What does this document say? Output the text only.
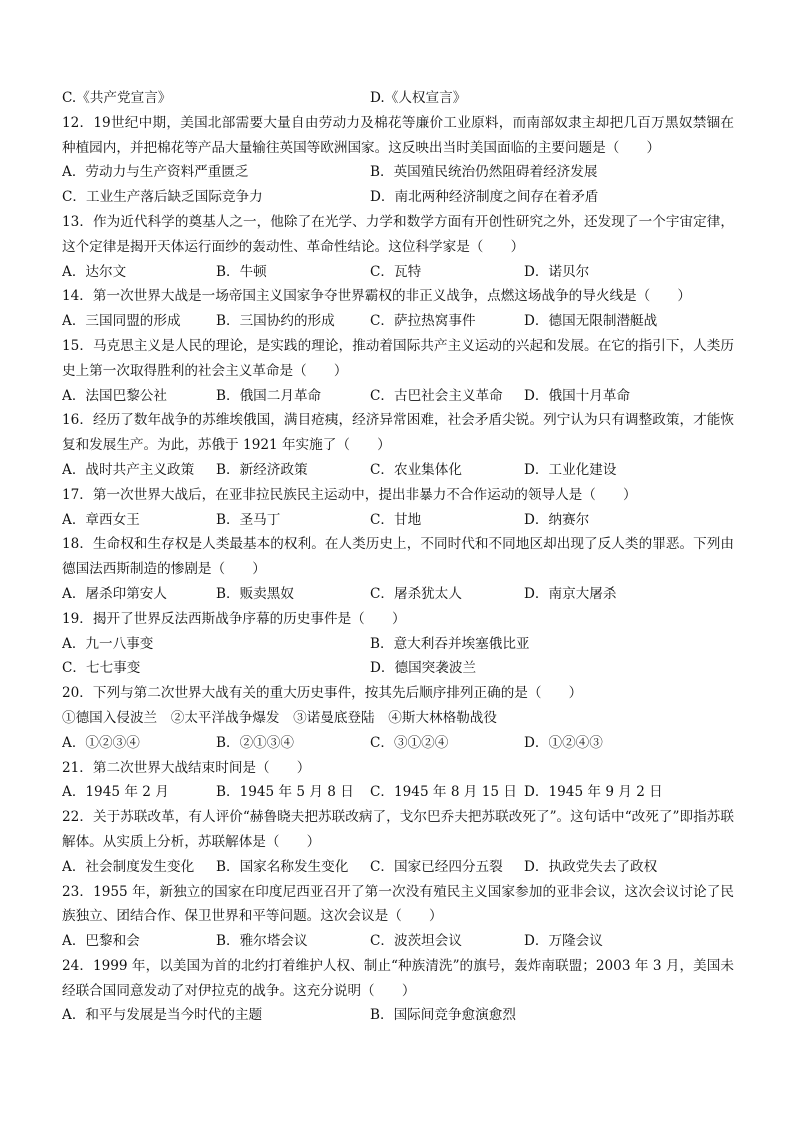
C.《共产党宣言》	D.《人权宣言》
12．19世纪中期，美国北部需要大量自由劳动力及棉花等廉价工业原料，而南部奴隶主却把几百万黑奴禁锢在种植园内，并把棉花等产品大量输往英国等欧洲国家。这反映出当时美国面临的主要问题是（　　）
A．劳动力与生产资料严重匮乏	B．英国殖民统治仍然阻碍着经济发展
C．工业生产落后缺乏国际竞争力	D．南北两种经济制度之间存在着矛盾
13．作为近代科学的奠基人之一，他除了在光学、力学和数学方面有开创性研究之外，还发现了一个宇宙定律，这个定律是揭开天体运行面纱的轰动性、革命性结论。这位科学家是（　　）
A．达尔文	B．牛顿	C．瓦特	D．诺贝尔
14．第一次世界大战是一场帝国主义国家争夺世界霸权的非正义战争，点燃这场战争的导火线是（　　）
A．三国同盟的形成	B．三国协约的形成	C．萨拉热窝事件	D．德国无限制潜艇战
15．马克思主义是人民的理论，是实践的理论，推动着国际共产主义运动的兴起和发展。在它的指引下，人类历史上第一次取得胜利的社会主义革命是（　　）
A．法国巴黎公社	B．俄国二月革命	C．古巴社会主义革命	D．俄国十月革命
16．经历了数年战争的苏维埃俄国，满目疮痍，经济异常困难，社会矛盾尖锐。列宁认为只有调整政策，才能恢复和发展生产。为此，苏俄于 1921 年实施了（　　）
A．战时共产主义政策	B．新经济政策	C．农业集体化	D．工业化建设
17．第一次世界大战后，在亚非拉民族民主运动中，提出非暴力不合作运动的领导人是（　　）
A．章西女王	B．圣马丁	C．甘地	D．纳赛尔
18．生命权和生存权是人类最基本的权利。在人类历史上，不同时代和不同地区却出现了反人类的罪恶。下列由德国法西斯制造的惨剧是（　　）
A．屠杀印第安人	B．贩卖黑奴	C．屠杀犹太人	D．南京大屠杀
19．揭开了世界反法西斯战争序幕的历史事件是（　　）
A．九一八事变	B．意大利吞并埃塞俄比亚
C．七七事变	D．德国突袭波兰
20．下列与第二次世界大战有关的重大历史事件，按其先后顺序排列正确的是（　　）
①德国入侵波兰　②太平洋战争爆发　③诺曼底登陆　④斯大林格勒战役
A．①②③④	B．②①③④	C．③①②④	D．①②④③
21．第二次世界大战结束时间是（　　）
A．1945 年 2 月	B．1945 年 5 月 8 日	C．1945 年 8 月 15 日 D．1945 年 9 月 2 日
22．关于苏联改革，有人评价“赫鲁晓夫把苏联改病了，戈尔巴乔夫把苏联改死了”。这句话中“改死了”即指苏联解体。从实质上分析，苏联解体是（　　）
A．社会制度发生变化	B．国家名称发生变化	C．国家已经四分五裂	D．执政党失去了政权
23．1955 年，新独立的国家在印度尼西亚召开了第一次没有殖民主义国家参加的亚非会议，这次会议讨论了民族独立、团结合作、保卫世界和平等问题。这次会议是（　　）
A．巴黎和会	B．雅尔塔会议	C．波茨坦会议	D．万隆会议
24．1999 年，以美国为首的北约打着维护人权、制止“种族清洗”的旗号，轰炸南联盟；2003 年 3 月，美国未经联合国同意发动了对伊拉克的战争。这充分说明（　　）
A．和平与发展是当今时代的主题	B．国际间竞争愈演愈烈
